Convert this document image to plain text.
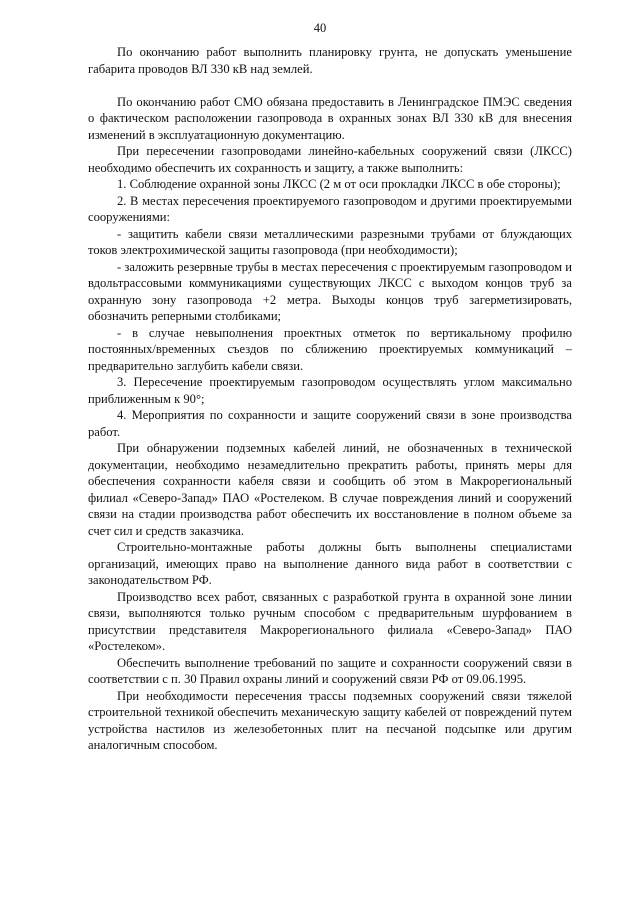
40

По окончанию работ выполнить планировку грунта, не допускать уменьшение габарита проводов ВЛ 330 кВ над землей.

По окончанию работ СМО обязана предоставить в Ленинградское ПМЭС сведения о фактическом расположении газопровода в охранных зонах ВЛ 330 кВ для внесения изменений в эксплуатационную документацию.

При пересечении газопроводами линейно-кабельных сооружений связи (ЛКСС) необходимо обеспечить их сохранность и защиту, а также выполнить:

1. Соблюдение охранной зоны ЛКСС (2 м от оси прокладки ЛКСС в обе стороны);

2. В местах пересечения проектируемого газопроводом и другими проектируемыми сооружениями:

- защитить кабели связи металлическими разрезными трубами от блуждающих токов электрохимической защиты газопровода (при необходимости);

- заложить резервные трубы в местах пересечения с проектируемым газопроводом и вдольтрассовыми коммуникациями существующих ЛКСС с выходом концов труб за охранную зону газопровода +2 метра. Выходы концов труб загерметизировать, обозначить реперными столбиками;

- в случае невыполнения проектных отметок по вертикальному профилю постоянных/временных съездов по сближению проектируемых коммуникаций – предварительно заглубить кабели связи.

3. Пересечение проектируемым газопроводом осуществлять углом максимально приближенным к 90°;

4. Мероприятия по сохранности и защите сооружений связи в зоне производства работ.

При обнаружении подземных кабелей линий, не обозначенных в технической документации, необходимо незамедлительно прекратить работы, принять меры для обеспечения сохранности кабеля связи и сообщить об этом в Макрорегиональный филиал «Северо-Запад» ПАО «Ростелеком. В случае повреждения линий и сооружений связи на стадии производства работ обеспечить их восстановление в полном объеме за счет сил и средств заказчика.

Строительно-монтажные работы должны быть выполнены специалистами организаций, имеющих право на выполнение данного вида работ в соответствии с законодательством РФ.

Производство всех работ, связанных с разработкой грунта в охранной зоне линии связи, выполняются только ручным способом с предварительным шурфованием в присутствии представителя Макрорегионального филиала «Северо-Запад» ПАО «Ростелеком».

Обеспечить выполнение требований по защите и сохранности сооружений связи в соответствии с п. 30 Правил охраны линий и сооружений связи РФ от 09.06.1995.

При необходимости пересечения трассы подземных сооружений связи тяжелой строительной техникой обеспечить механическую защиту кабелей от повреждений путем устройства настилов из железобетонных плит на песчаной подсыпке или другим аналогичным способом.
